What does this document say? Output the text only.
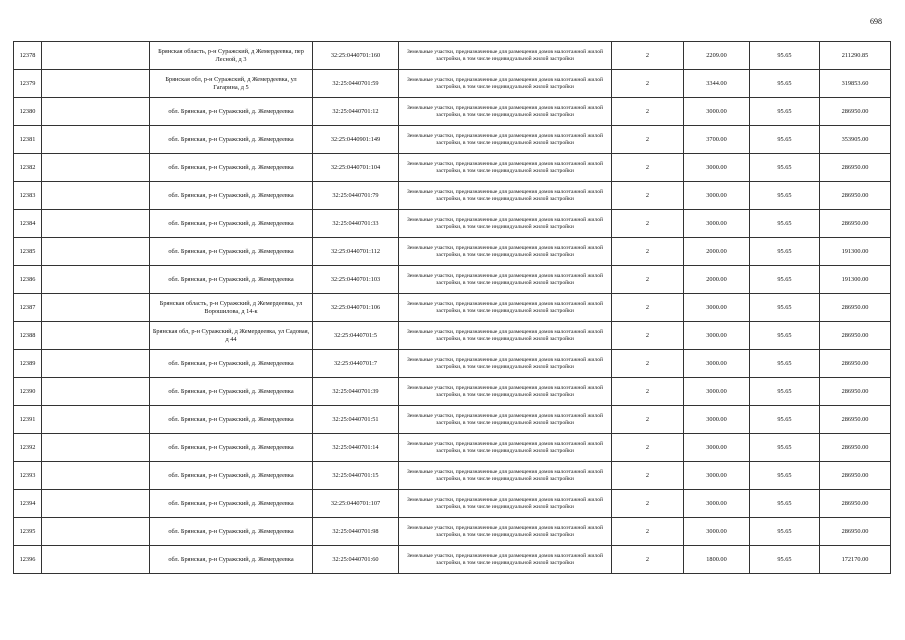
698
12378		Брянская область, р-н Суражский, д Жемердеевка, пер Лесной, д 3	32:25:0440701:160	Земельные участки, предназначенные для размещения домов малоэтажной жилой застройки, в том числе индивидуальной жилой застройки	2	2209.00	95.65	211290.85
12379		Брянская обл, р-н Суражский, д Жемердеевка, ул Гагарина, д 5	32:25:0440701:59	Земельные участки, предназначенные для размещения домов малоэтажной жилой застройки, в том числе индивидуальной жилой застройки	2	3344.00	95.65	319853.60
12380		обл. Брянская, р-н Суражский, д. Жемердеевка	32:25:0440701:12	Земельные участки, предназначенные для размещения домов малоэтажной жилой застройки, в том числе индивидуальной жилой застройки	2	3000.00	95.65	286950.00
12381		обл. Брянская, р-н Суражский, д. Жемердеевка	32:25:0440901:149	Земельные участки, предназначенные для размещения домов малоэтажной жилой застройки, в том числе индивидуальной жилой застройки	2	3700.00	95.65	353905.00
12382		обл. Брянская, р-н Суражский, д. Жемердеевка	32:25:0440701:104	Земельные участки, предназначенные для размещения домов малоэтажной жилой застройки, в том числе индивидуальной жилой застройки	2	3000.00	95.65	286950.00
12383		обл. Брянская, р-н Суражский, д. Жемердеевка	32:25:0440701:79	Земельные участки, предназначенные для размещения домов малоэтажной жилой застройки, в том числе индивидуальной жилой застройки	2	3000.00	95.65	286950.00
12384		обл. Брянская, р-н Суражский, д. Жемердеевка	32:25:0440701:33	Земельные участки, предназначенные для размещения домов малоэтажной жилой застройки, в том числе индивидуальной жилой застройки	2	3000.00	95.65	286950.00
12385		обл. Брянская, р-н Суражский, д. Жемердеевка	32:25:0440701:112	Земельные участки, предназначенные для размещения домов малоэтажной жилой застройки, в том числе индивидуальной жилой застройки	2	2000.00	95.65	191300.00
12386		обл. Брянская, р-н Суражский, д. Жемердеевка	32:25:0440701:103	Земельные участки, предназначенные для размещения домов малоэтажной жилой застройки, в том числе индивидуальной жилой застройки	2	2000.00	95.65	191300.00
12387		Брянская область, р-н Суражский, д Жемердеевка, ул Ворошилова, д 14-к	32:25:0440701:106	Земельные участки, предназначенные для размещения домов малоэтажной жилой застройки, в том числе индивидуальной жилой застройки	2	3000.00	95.65	286950.00
12388		Брянская обл, р-н Суражский, д Жемердеевка, ул Садовая, д 44	32:25:0440701:5	Земельные участки, предназначенные для размещения домов малоэтажной жилой застройки, в том числе индивидуальной жилой застройки	2	3000.00	95.65	286950.00
12389		обл. Брянская, р-н Суражский, д. Жемердеевка	32:25:0440701:7	Земельные участки, предназначенные для размещения домов малоэтажной жилой застройки, в том числе индивидуальной жилой застройки	2	3000.00	95.65	286950.00
12390		обл. Брянская, р-н Суражский, д. Жемердеевка	32:25:0440701:39	Земельные участки, предназначенные для размещения домов малоэтажной жилой застройки, в том числе индивидуальной жилой застройки	2	3000.00	95.65	286950.00
12391		обл. Брянская, р-н Суражский, д. Жемердеевка	32:25:0440701:51	Земельные участки, предназначенные для размещения домов малоэтажной жилой застройки, в том числе индивидуальной жилой застройки	2	3000.00	95.65	286950.00
12392		обл. Брянская, р-н Суражский, д. Жемердеевка	32:25:0440701:14	Земельные участки, предназначенные для размещения домов малоэтажной жилой застройки, в том числе индивидуальной жилой застройки	2	3000.00	95.65	286950.00
12393		обл. Брянская, р-н Суражский, д. Жемердеевка	32:25:0440701:15	Земельные участки, предназначенные для размещения домов малоэтажной жилой застройки, в том числе индивидуальной жилой застройки	2	3000.00	95.65	286950.00
12394		обл. Брянская, р-н Суражский, д. Жемердеевка	32:25:0440701:107	Земельные участки, предназначенные для размещения домов малоэтажной жилой застройки, в том числе индивидуальной жилой застройки	2	3000.00	95.65	286950.00
12395		обл. Брянская, р-н Суражский, д. Жемердеевка	32:25:0440701:98	Земельные участки, предназначенные для размещения домов малоэтажной жилой застройки, в том числе индивидуальной жилой застройки	2	3000.00	95.65	286950.00
12396		обл. Брянская, р-н Суражский, д. Жемердеевка	32:25:0440701:60	Земельные участки, предназначенные для размещения домов малоэтажной жилой застройки, в том числе индивидуальной жилой застройки	2	1800.00	95.65	172170.00
